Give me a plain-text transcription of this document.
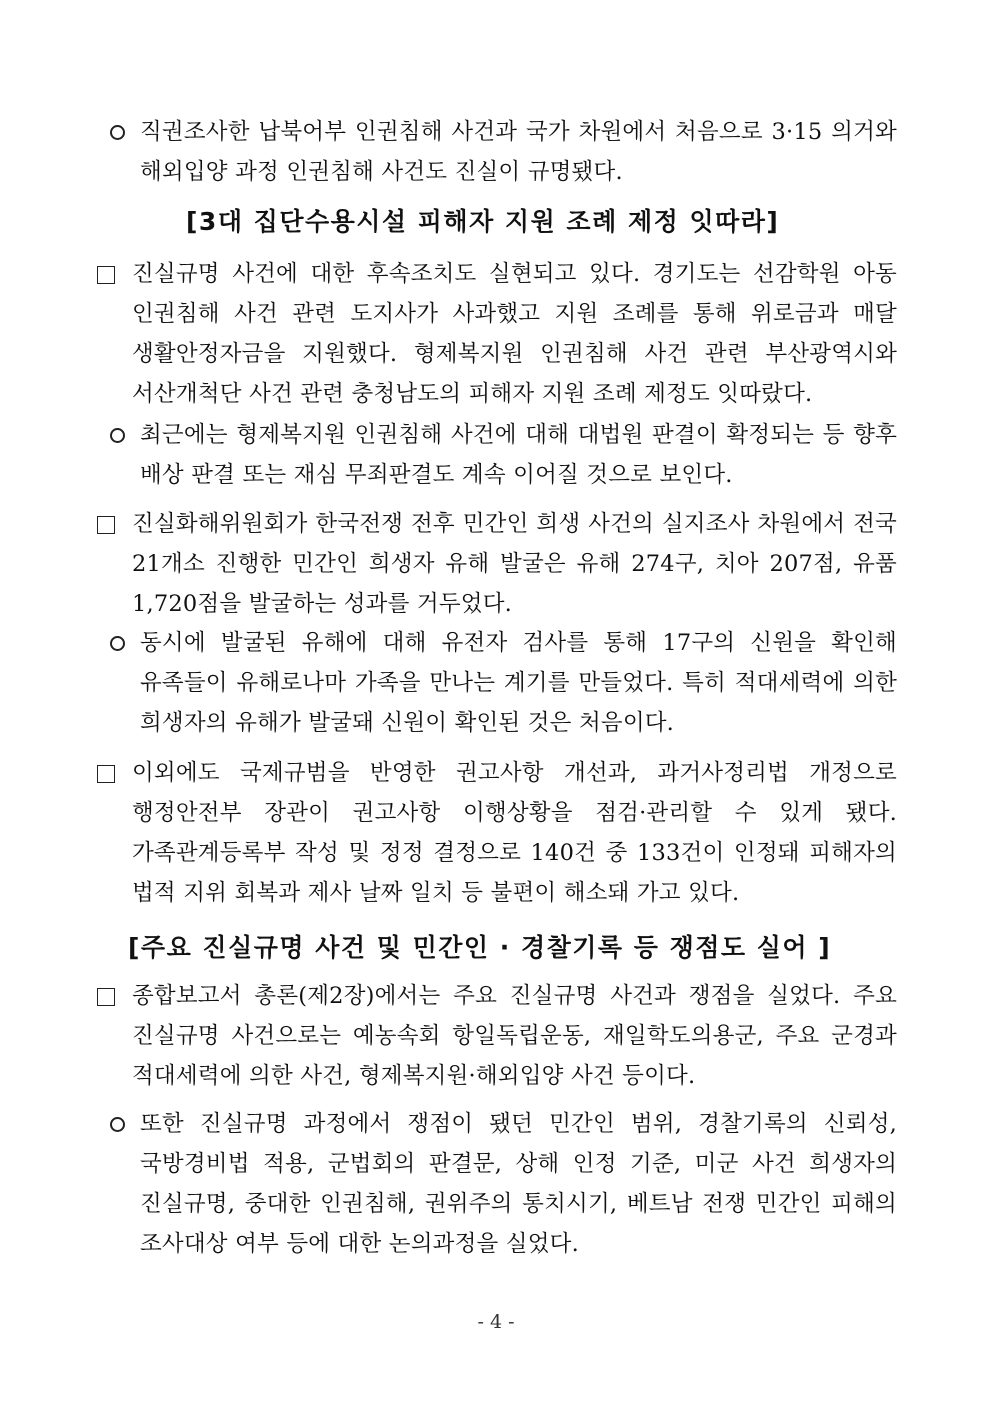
직권조사한 납북어부 인권침해 사건과 국가 차원에서 처음으로 3·15 의거와 해외입양 과정 인권침해 사건도 진실이 규명됐다.
[3대 집단수용시설 피해자 지원 조례 제정 잇따라]
진실규명 사건에 대한 후속조치도 실현되고 있다. 경기도는 선감학원 아동 인권침해 사건 관련 도지사가 사과했고 지원 조례를 통해 위로금과 매달 생활안정자금을 지원했다. 형제복지원 인권침해 사건 관련 부산광역시와 서산개척단 사건 관련 충청남도의 피해자 지원 조례 제정도 잇따랐다.
최근에는 형제복지원 인권침해 사건에 대해 대법원 판결이 확정되는 등 향후 배상 판결 또는 재심 무죄판결도 계속 이어질 것으로 보인다.
진실화해위원회가 한국전쟁 전후 민간인 희생 사건의 실지조사 차원에서 전국 21개소 진행한 민간인 희생자 유해 발굴은 유해 274구, 치아 207점, 유품 1,720점을 발굴하는 성과를 거두었다.
동시에 발굴된 유해에 대해 유전자 검사를 통해 17구의 신원을 확인해 유족들이 유해로나마 가족을 만나는 계기를 만들었다. 특히 적대세력에 의한 희생자의 유해가 발굴돼 신원이 확인된 것은 처음이다.
이외에도 국제규범을 반영한 권고사항 개선과, 과거사정리법 개정으로 행정안전부 장관이 권고사항 이행상황을 점검·관리할 수 있게 됐다. 가족관계등록부 작성 및 정정 결정으로 140건 중 133건이 인정돼 피해자의 법적 지위 회복과 제사 날짜 일치 등 불편이 해소돼 가고 있다.
[주요 진실규명 사건 및 민간인 · 경찰기록 등 쟁점도 실어 ]
종합보고서 총론(제2장)에서는 주요 진실규명 사건과 쟁점을 실었다. 주요 진실규명 사건으로는 예농속회 항일독립운동, 재일학도의용군, 주요 군경과 적대세력에 의한 사건, 형제복지원·해외입양 사건 등이다.
또한 진실규명 과정에서 쟁점이 됐던 민간인 범위, 경찰기록의 신뢰성, 국방경비법 적용, 군법회의 판결문, 상해 인정 기준, 미군 사건 희생자의 진실규명, 중대한 인권침해, 권위주의 통치시기, 베트남 전쟁 민간인 피해의 조사대상 여부 등에 대한 논의과정을 실었다.
- 4 -
